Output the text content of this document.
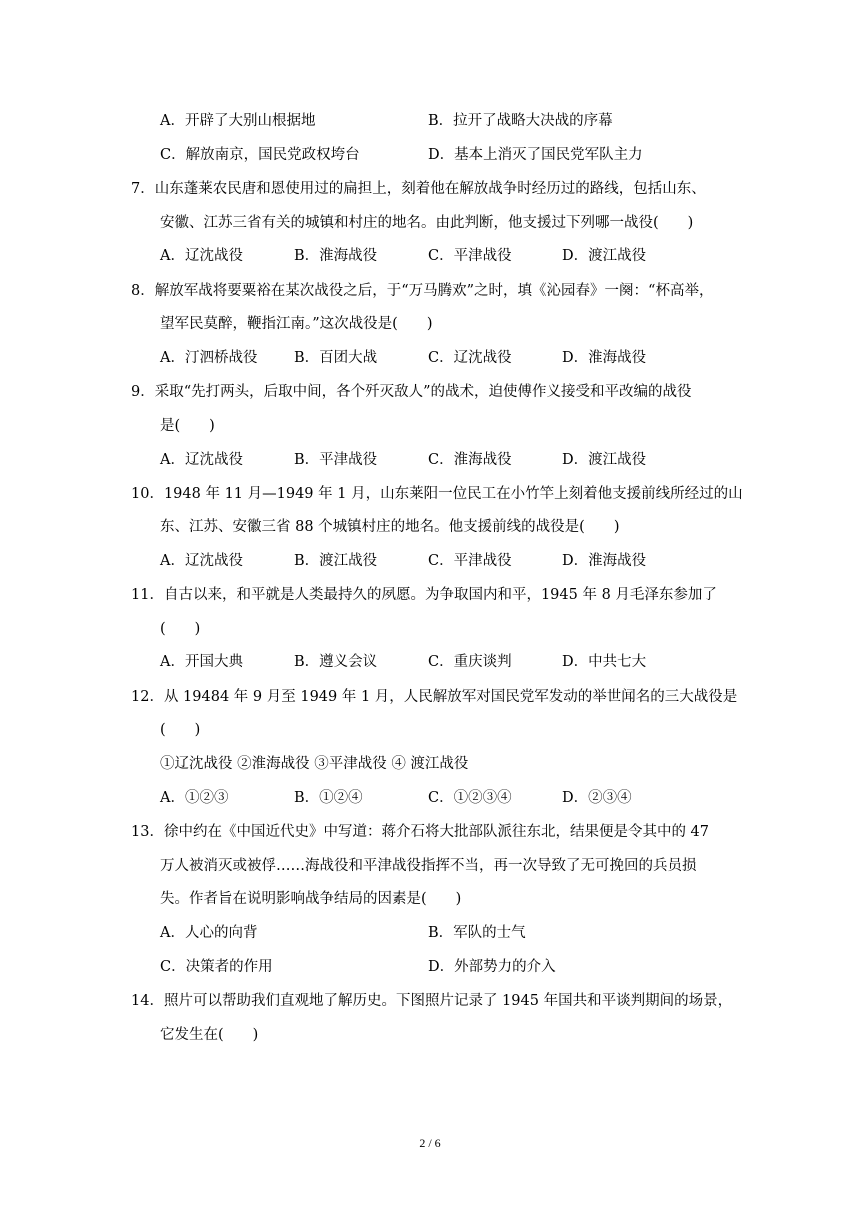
A．开辟了大别山根据地	B．拉开了战略大决战的序幕
C．解放南京，国民党政权垮台	D．基本上消灭了国民党军队主力
7．山东蓬莱农民唐和恩使用过的扁担上，刻着他在解放战争时经历过的路线，包括山东、
安徽、江苏三省有关的城镇和村庄的地名。由此判断，他支援过下列哪一战役(　　)
A．辽沈战役	B．淮海战役	C．平津战役	D．渡江战役
8．解放军战将要粟裕在某次战役之后，于“万马腾欢”之时，填《沁园春》一阕：“杯高举，
望军民莫醉，鞭指江南。”这次战役是(　　)
A．汀泗桥战役	B．百团大战	C．辽沈战役	D．淮海战役
9．采取“先打两头，后取中间，各个歼灭敌人”的战术，迫使傅作义接受和平改编的战役
是(　　)
A．辽沈战役	B．平津战役	C．淮海战役	D．渡江战役
10．1948 年 11 月—1949 年 1 月，山东莱阳一位民工在小竹竿上刻着他支援前线所经过的山
东、江苏、安徽三省 88 个城镇村庄的地名。他支援前线的战役是(　　)
A．辽沈战役	B．渡江战役	C．平津战役	D．淮海战役
11．自古以来，和平就是人类最持久的夙愿。为争取国内和平，1945 年 8 月毛泽东参加了
(　　)
A．开国大典	B．遵义会议	C．重庆谈判	D．中共七大
12．从 19484 年 9 月至 1949 年 1 月，人民解放军对国民党军发动的举世闻名的三大战役是
(　　)
①辽沈战役 ②淮海战役 ③平津战役 ④ 渡江战役
A．①②③	B．①②④	C．①②③④	D．②③④
13．徐中约在《中国近代史》中写道：蒋介石将大批部队派往东北，结果便是令其中的 47
万人被消灭或被俘……海战役和平津战役指挥不当，再一次导致了无可挽回的兵员损
失。作者旨在说明影响战争结局的因素是(　　)
A．人心的向背	B．军队的士气
C．决策者的作用	D．外部势力的介入
14．照片可以帮助我们直观地了解历史。下图照片记录了 1945 年国共和平谈判期间的场景，
它发生在(　　)
2 / 6
